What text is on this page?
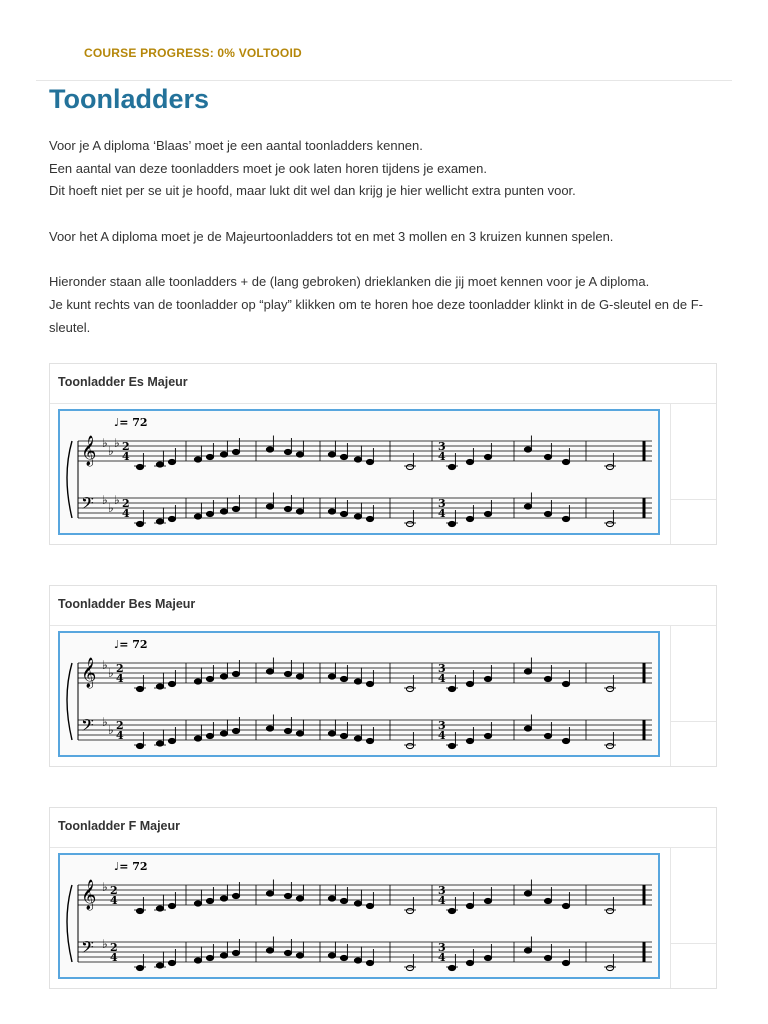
COURSE PROGRESS: 0% VOLTOOID
Toonladders

Voor je A diploma ‘Blaas’ moet je een aantal toonladders kennen.
Een aantal van deze toonladders moet je ook laten horen tijdens je examen.
Dit hoeft niet per se uit je hoofd, maar lukt dit wel dan krijg je hier wellicht extra punten voor.

Voor het A diploma moet je de Majeurtoonladders tot en met 3 mollen en 3 kruizen kunnen spelen.

Hieronder staan alle toonladders + de (lang gebroken) drieklanken die jij moet kennen voor je A diploma.
Je kunt rechts van de toonladder op “play” klikken om te horen hoe deze toonladder klinkt in de G-sleutel en de F-sleutel.

Toonladder Es Majeur
♩= 72
𝄞 ♭
♭
♭ 2
4
3
4
𝄢 ♭
♭
♭ 2
4
3
4
Toonladder Bes Majeur
♩= 72
𝄞 ♭
♭ 2
4
3
4
𝄢 ♭
♭ 2
4
3
4
Toonladder F Majeur
♩= 72
𝄞 ♭ 2
4
3
4
𝄢 ♭ 2
4
3
4
